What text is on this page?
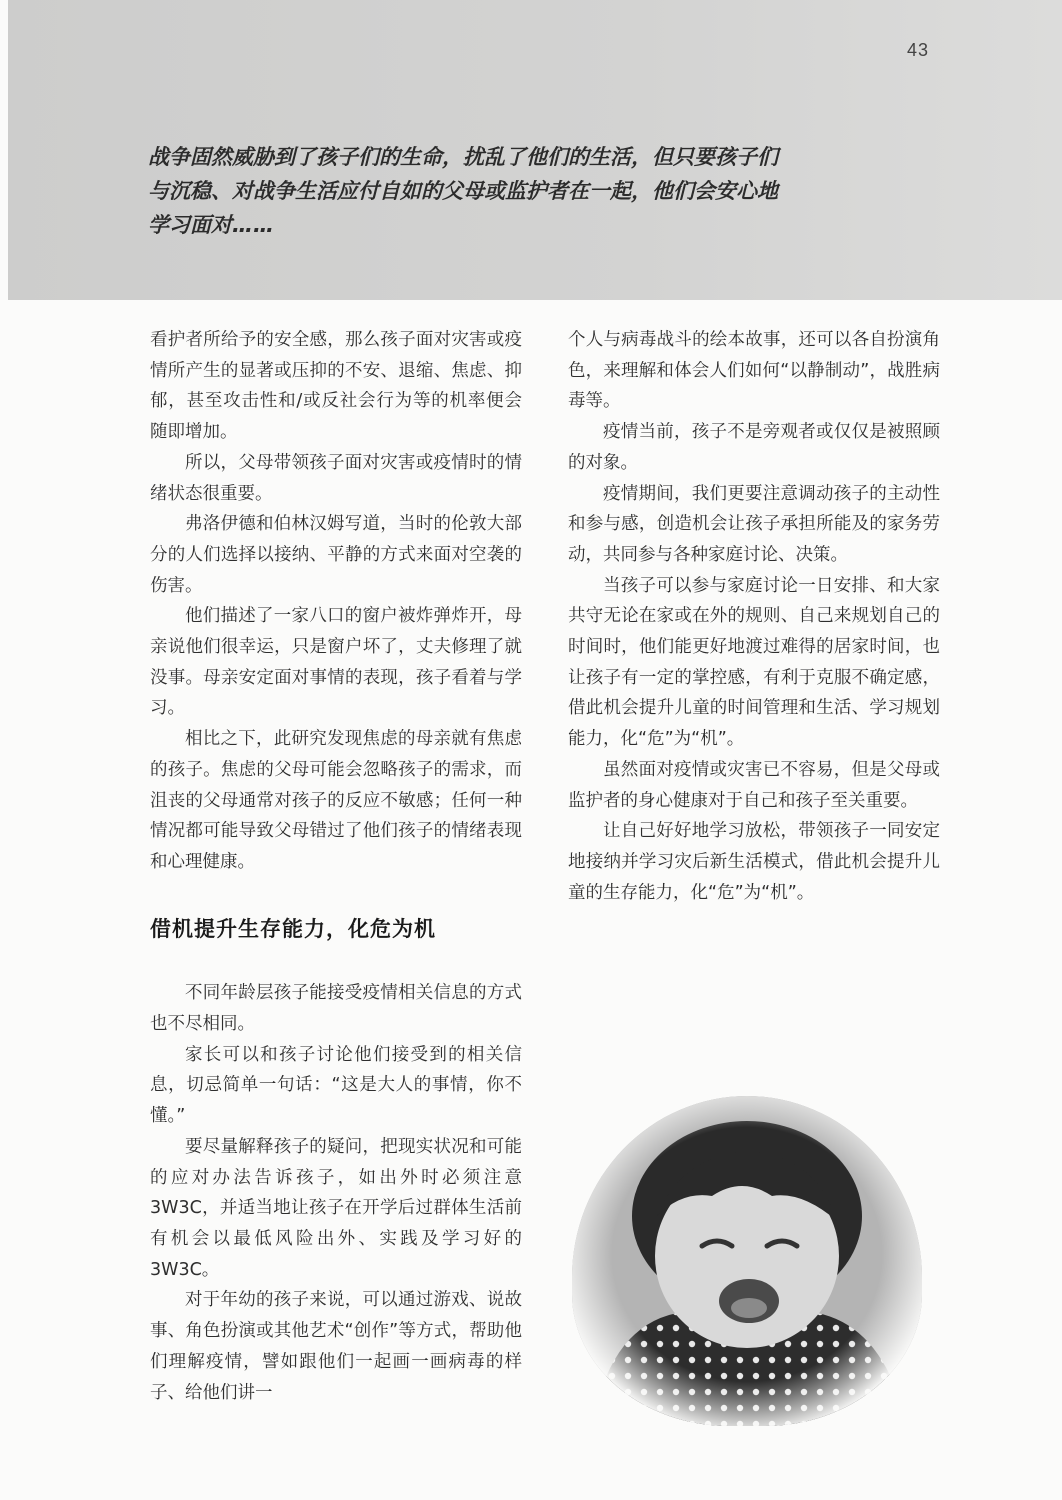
43
战争固然威胁到了孩子们的生命，扰乱了他们的生活，但只要孩子们与沉稳、对战争生活应付自如的父母或监护者在一起，他们会安心地学习面对……

看护者所给予的安全感，那么孩子面对灾害或疫情所产生的显著或压抑的不安、退缩、焦虑、抑郁，甚至攻击性和/或反社会行为等的机率便会随即增加。

所以，父母带领孩子面对灾害或疫情时的情绪状态很重要。

弗洛伊德和伯林汉姆写道，当时的伦敦大部分的人们选择以接纳、平静的方式来面对空袭的伤害。

他们描述了一家八口的窗户被炸弹炸开，母亲说他们很幸运，只是窗户坏了，丈夫修理了就没事。母亲安定面对事情的表现，孩子看着与学习。

相比之下，此研究发现焦虑的母亲就有焦虑的孩子。焦虑的父母可能会忽略孩子的需求，而沮丧的父母通常对孩子的反应不敏感；任何一种情况都可能导致父母错过了他们孩子的情绪表现和心理健康。

借机提升生存能力，化危为机

不同年龄层孩子能接受疫情相关信息的方式也不尽相同。

家长可以和孩子讨论他们接受到的相关信息，切忌简单一句话：“这是大人的事情，你不懂。”

要尽量解释孩子的疑问，把现实状况和可能的应对办法告诉孩子，如出外时必须注意3W3C，并适当地让孩子在开学后过群体生活前有机会以最低风险出外、实践及学习好的3W3C。

对于年幼的孩子来说，可以通过游戏、说故事、角色扮演或其他艺术“创作”等方式，帮助他们理解疫情，譬如跟他们一起画一画病毒的样子、给他们讲一

个人与病毒战斗的绘本故事，还可以各自扮演角色，来理解和体会人们如何“以静制动”，战胜病毒等。

疫情当前，孩子不是旁观者或仅仅是被照顾的对象。

疫情期间，我们更要注意调动孩子的主动性和参与感，创造机会让孩子承担所能及的家务劳动，共同参与各种家庭讨论、决策。

当孩子可以参与家庭讨论一日安排、和大家共守无论在家或在外的规则、自己来规划自己的时间时，他们能更好地渡过难得的居家时间，也让孩子有一定的掌控感，有利于克服不确定感，借此机会提升儿童的时间管理和生活、学习规划能力，化“危”为“机”。

虽然面对疫情或灾害已不容易，但是父母或监护者的身心健康对于自己和孩子至关重要。

让自己好好地学习放松，带领孩子一同安定地接纳并学习灾后新生活模式，借此机会提升儿童的生存能力，化“危”为“机”。
